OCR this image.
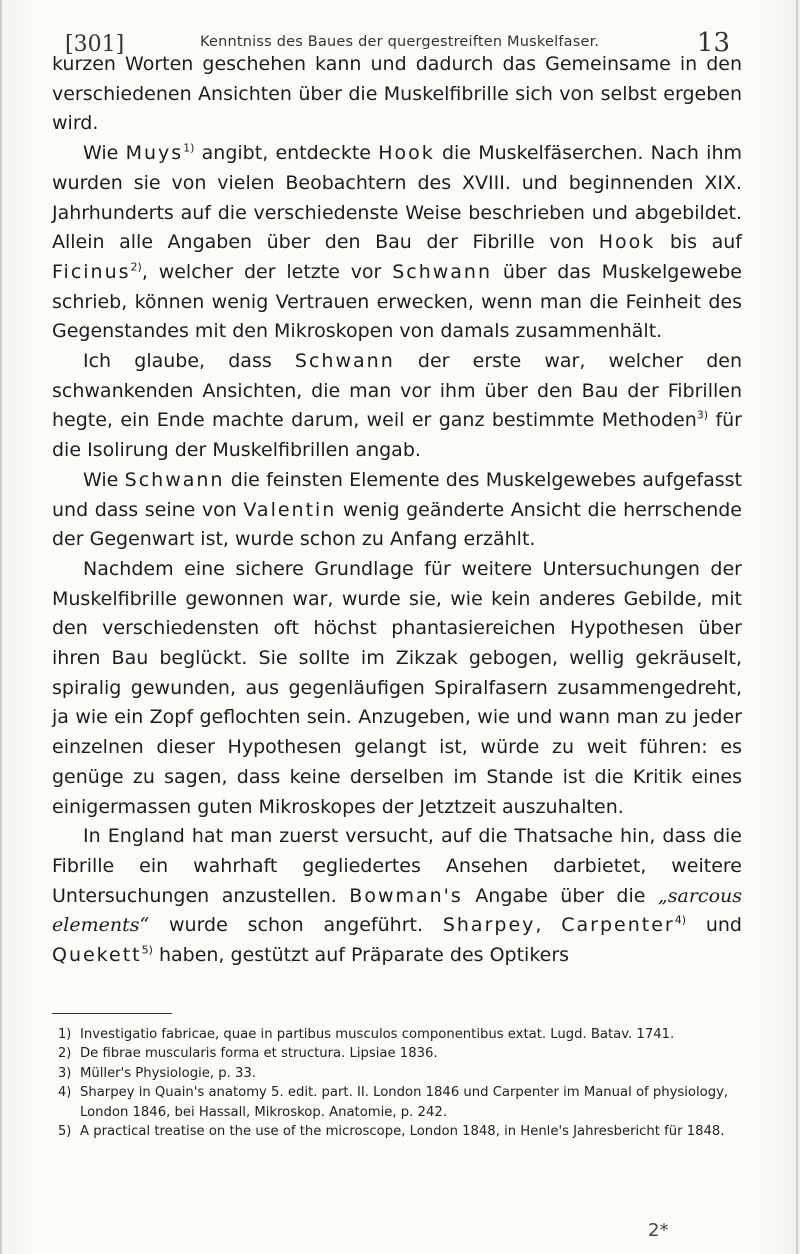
[301]	Kenntniss des Baues der quergestreiften Muskelfaser.	13

kurzen Worten geschehen kann und dadurch das Gemeinsame in den verschiedenen Ansichten über die Muskelfibrille sich von selbst ergeben wird.

Wie Muys$^{1)}$ angibt, entdeckte Hook die Muskelfäserchen. Nach ihm wurden sie von vielen Beobachtern des XVIII. und beginnenden XIX. Jahrhunderts auf die verschiedenste Weise beschrieben und abgebildet. Allein alle Angaben über den Bau der Fibrille von Hook bis auf Ficinus$^{2)}$, welcher der letzte vor Schwann über das Muskelgewebe schrieb, können wenig Vertrauen erwecken, wenn man die Feinheit des Gegenstandes mit den Mikroskopen von damals zusammenhält.

Ich glaube, dass Schwann der erste war, welcher den schwankenden Ansichten, die man vor ihm über den Bau der Fibrillen hegte, ein Ende machte darum, weil er ganz bestimmte Methoden$^{3)}$ für die Isolirung der Muskelfibrillen angab.

Wie Schwann die feinsten Elemente des Muskelgewebes aufgefasst und dass seine von Valentin wenig geänderte Ansicht die herrschende der Gegenwart ist, wurde schon zu Anfang erzählt.

Nachdem eine sichere Grundlage für weitere Untersuchungen der Muskelfibrille gewonnen war, wurde sie, wie kein anderes Gebilde, mit den verschiedensten oft höchst phantasiereichen Hypothesen über ihren Bau beglückt. Sie sollte im Zikzak gebogen, wellig gekräuselt, spiralig gewunden, aus gegenläufigen Spiralfasern zusammengedreht, ja wie ein Zopf geflochten sein. Anzugeben, wie und wann man zu jeder einzelnen dieser Hypothesen gelangt ist, würde zu weit führen: es genüge zu sagen, dass keine derselben im Stande ist die Kritik eines einigermassen guten Mikroskopes der Jetztzeit auszuhalten.

In England hat man zuerst versucht, auf die Thatsache hin, dass die Fibrille ein wahrhaft gegliedertes Ansehen darbietet, weitere Untersuchungen anzustellen. Bowman's Angabe über die „sarcous elements“ wurde schon angeführt. Sharpey, Carpenter$^{4)}$ und Quekett$^{5)}$ haben, gestützt auf Präparate des Optikers

1) Investigatio fabricae, quae in partibus musculos componentibus extat. Lugd. Batav. 1741.

2) De fibrae muscularis forma et structura. Lipsiae 1836.

3) Müller's Physiologie, p. 33.

4) Sharpey in Quain's anatomy 5. edit. part. II. London 1846 und Carpenter im Manual of physiology, London 1846, bei Hassall, Mikroskop. Anatomie, p. 242.

5) A practical treatise on the use of the microscope, London 1848, in Henle's Jahresbericht für 1848.

2*
